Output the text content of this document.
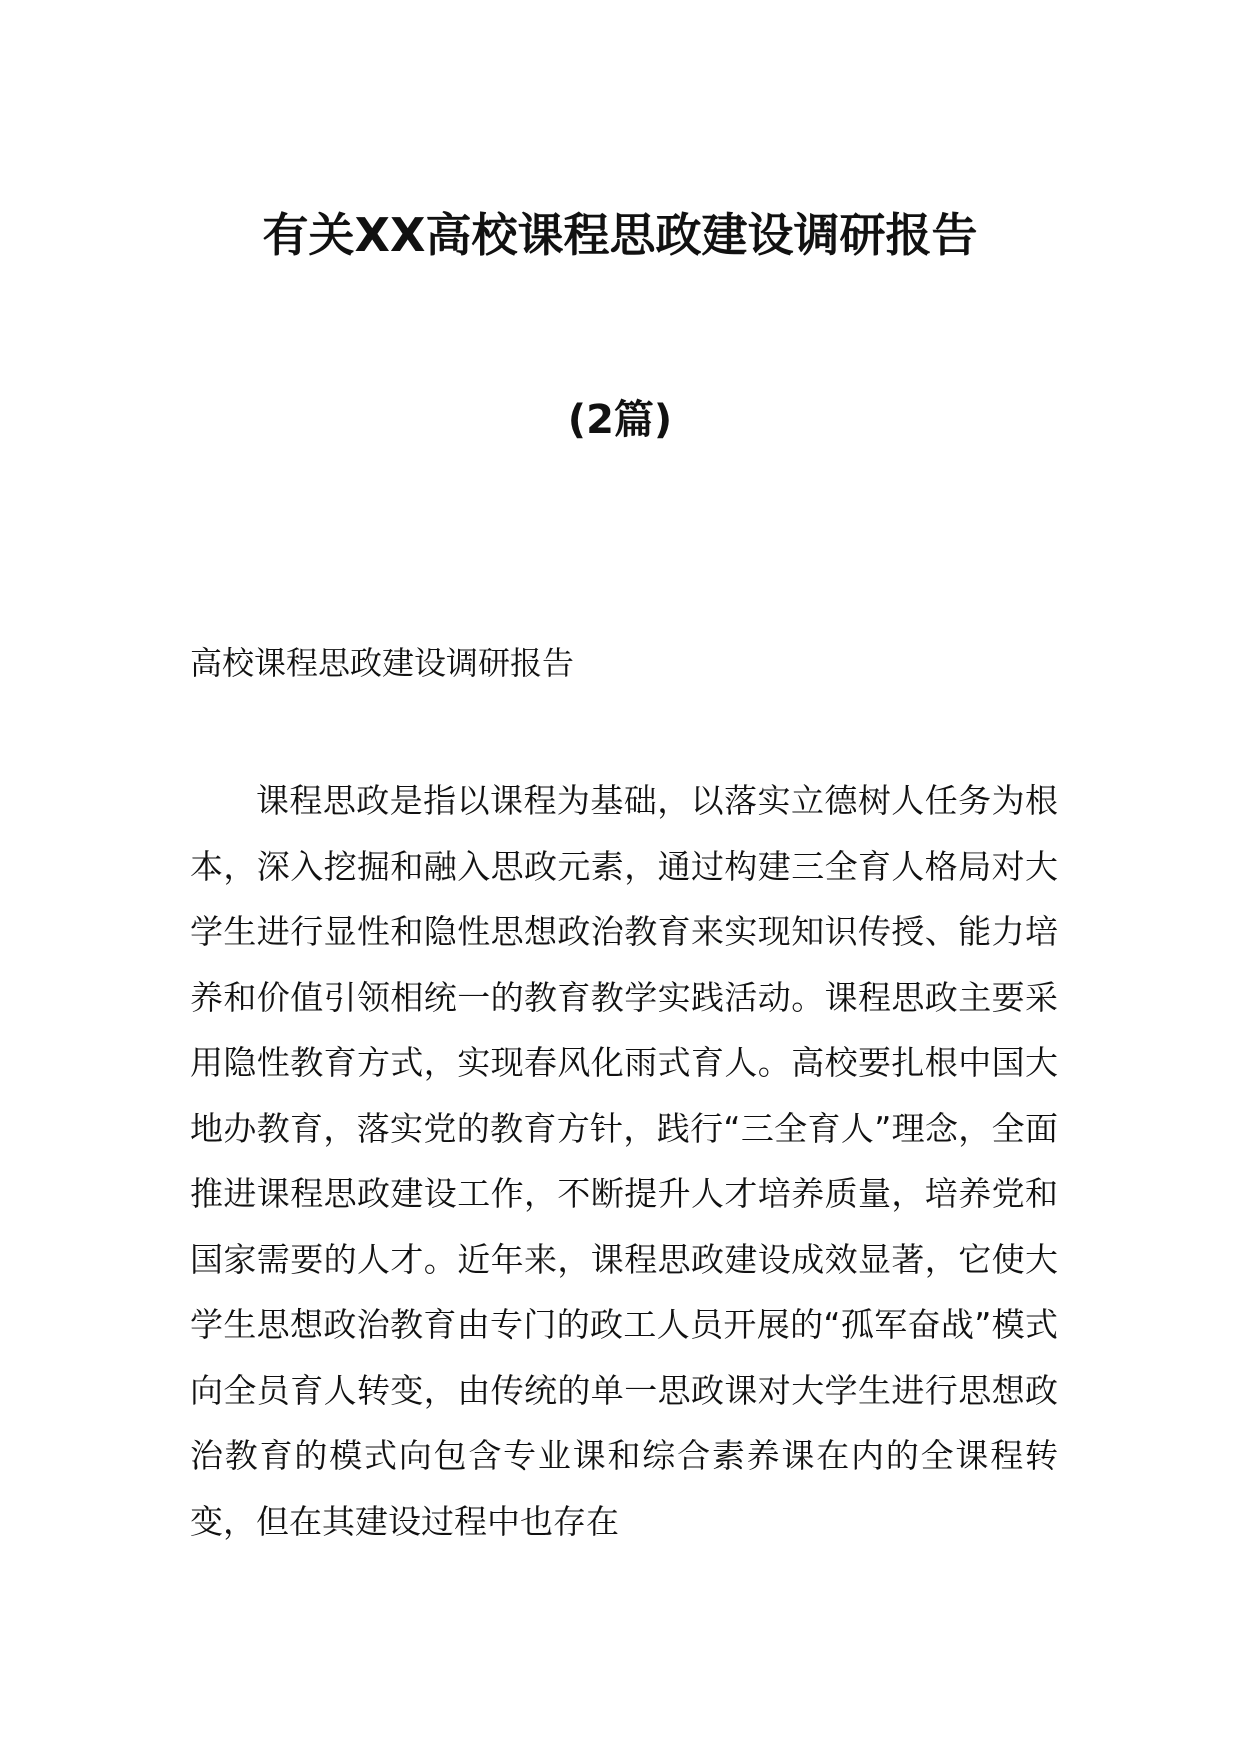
有关XX高校课程思政建设调研报告
(2篇)

高校课程思政建设调研报告

课程思政是指以课程为基础，以落实立德树人任务为根本，深入挖掘和融入思政元素，通过构建三全育人格局对大学生进行显性和隐性思想政治教育来实现知识传授、能力培养和价值引领相统一的教育教学实践活动。课程思政主要采用隐性教育方式，实现春风化雨式育人。高校要扎根中国大地办教育，落实党的教育方针，践行“三全育人”理念，全面推进课程思政建设工作，不断提升人才培养质量，培养党和国家需要的人才。近年来，课程思政建设成效显著，它使大学生思想政治教育由专门的政工人员开展的“孤军奋战”模式向全员育人转变，由传统的单一思政课对大学生进行思想政治教育的模式向包含专业课和综合素养课在内的全课程转变，但在其建设过程中也存在
